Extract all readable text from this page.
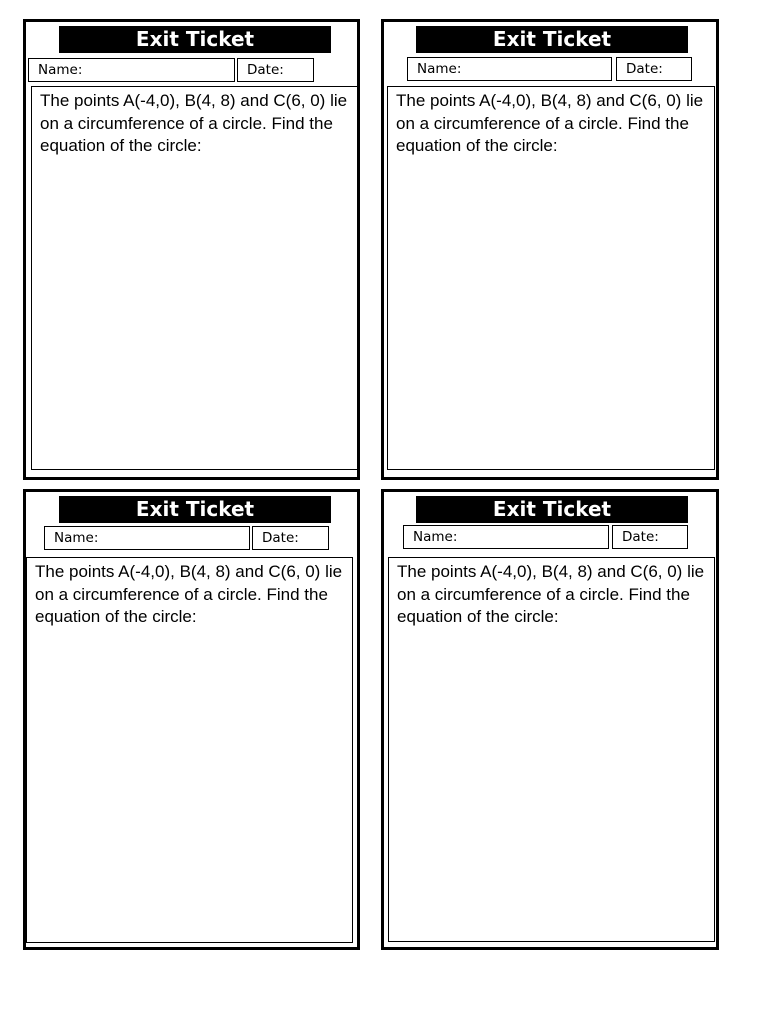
Exit Ticket
Name:	Date:
The points A(-4,0), B(4, 8) and C(6, 0) lie on a circumference of a circle. Find the equation of the circle:
Exit Ticket
Name:	Date:
The points A(-4,0), B(4, 8) and C(6, 0) lie on a circumference of a circle. Find the equation of the circle:
Exit Ticket
Name:	Date:
The points A(-4,0), B(4, 8) and C(6, 0) lie on a circumference of a circle. Find the equation of the circle:
Exit Ticket
Name:	Date:
The points A(-4,0), B(4, 8) and C(6, 0) lie on a circumference of a circle. Find the equation of the circle:
